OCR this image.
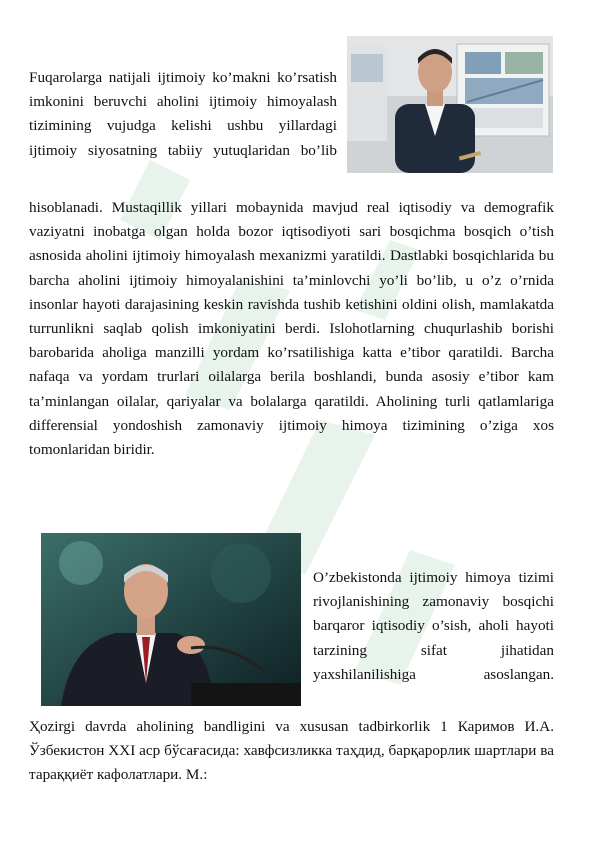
Fuqarolarga natijali ijtimoiy ko’makni ko’rsatish imkonini beruvchi aholini ijtimoiy himoyalash tizimining vujudga kelishi ushbu yillardagi ijtimoiy siyosatning tabiiy yutuqlaridan bo’lib

hisoblanadi. Mustaqillik yillari mobaynida mavjud real iqtisodiy va demografik vaziyatni inobatga olgan holda bozor iqtisodiyoti sari bosqichma bosqich o’tish asnosida aholini ijtimoiy himoyalash mexanizmi yaratildi. Dastlabki bosqichlarida bu barcha aholini ijtimoiy himoyalanishini ta’minlovchi yo’li bo’lib, u o’z o’rnida insonlar hayoti darajasining keskin ravishda tushib ketishini oldini olish, mamlakatda turrunlikni saqlab qolish imkoniyatini berdi. Islohotlarning chuqurlashib borishi barobarida aholiga manzilli yordam ko’rsatilishiga katta e’tibor qaratildi. Barcha nafaqa va yordam trurlari oilalarga berila boshlandi, bunda asosiy e’tibor kam ta’minlangan oilalar, qariyalar va bolalarga qaratildi. Aholining turli qatlamlariga differensial yondoshish zamonaviy ijtimoiy himoya tizimining o’ziga xos tomonlaridan biridir.

O’zbekistonda ijtimoiy himoya tizimi rivojlanishining zamonaviy bosqichi barqaror iqtisodiy o’sish, aholi hayoti tarzining sifat jihatidan yaxshilanilishiga asoslangan.

Ҳozirgi davrda aholining bandligini va xususan tadbirkorlik 1 Каримов И.А. Ўзбекистон XXI аср бўсағасида: хавфсизликка таҳдид, барқарорлик шартлари ва тараққиёт кафолатлари. М.:
